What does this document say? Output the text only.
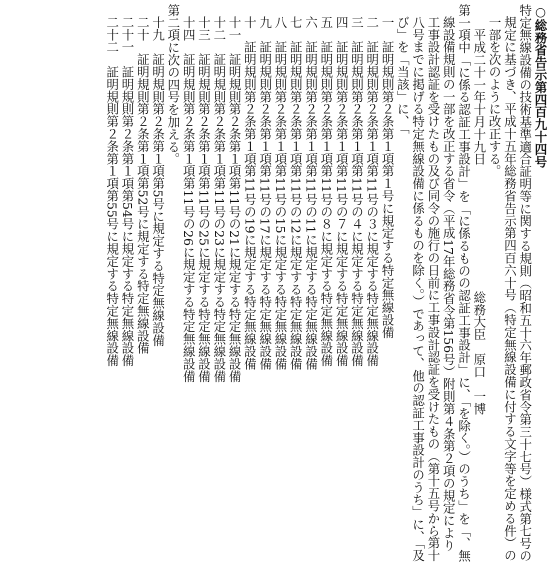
○総務省告示第四百九十四号
特定無線設備の技術基準適合証明等に関する規則（昭和五十六年郵政省令第三十七号）様式第七号の規定に基づき、平成十五年総務省告示第四百六十号（特定無線設備に付する文字等を定める件）の一部を次のように改正する。
平成二十一年十月十九日
総務大臣　原口　一博
第一項中「に係る認証工事設計」を「に係るものの認証工事設計」に、「を除く。）のうち」を「、無線設備規則の一部を改正する省令（平成17年総務省令第156号）附則第４条第２項の規定により工事設計認証を受けたもの及び同令の施行の日前に工事設計認証を受けたもの（第十五号から第十八号までに掲げる特定無線設備に係るものを除く。）であって、他の認証工事設計のうち」に、「及び」を「当該」に、「
一　証明規則第２条第１項第１号に規定する特定無線設備
二　証明規則第２条第１項第11号の３に規定する特定無線設備
三　証明規則第２条第１項第11号の４に規定する特定無線設備
四　証明規則第２条第１項第11号の７に規定する特定無線設備
五　証明規則第２条第１項第11号の８に規定する特定無線設備
六　証明規則第２条第１項第11号の11に規定する特定無線設備
七　証明規則第２条第１項第11号の12に規定する特定無線設備
八　証明規則第２条第１項第11号の15に規定する特定無線設備
九　証明規則第２条第１項第11号の17に規定する特定無線設備
十　証明規則第２条第１項第11号の19に規定する特定無線設備
十一　証明規則第２条第１項第11号の21に規定する特定無線設備
十二　証明規則第２条第１項第11号の23に規定する特定無線設備
十三　証明規則第２条第１項第11号の25に規定する特定無線設備
十四　証明規則第２条第１項第11号の26に規定する特定無線設備
第二項に次の四号を加える。
十九　証明規則第２条第１項第5号に規定する特定無線設備
二十　証明規則第２条第１項第52号に規定する特定無線設備
二十一　証明規則第２条第１項第54号に規定する特定無線設備
二十二　証明規則第２条第１項第55号に規定する特定無線設備
